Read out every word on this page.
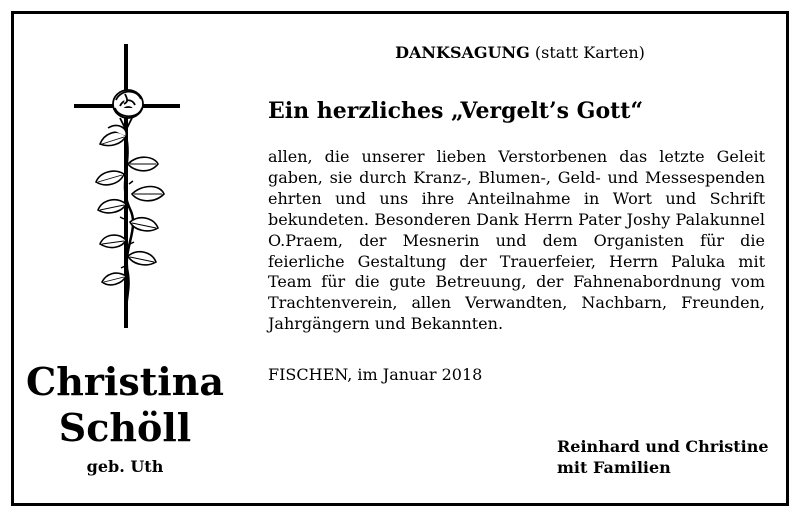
Christina
Schöll
geb. Uth
DANKSAGUNG (statt Karten)
Ein herzliches „Vergelt’s Gott“
allen, die unserer lieben Verstorbenen das letzte Geleit gaben, sie durch Kranz-, Blumen-, Geld- und Messespenden ehrten und uns ihre Anteilnahme in Wort und Schrift bekundeten. Besonderen Dank Herrn Pater Joshy Palakunnel O.Praem, der Mesnerin und dem Organisten für die feierliche Gestaltung der Trauerfeier, Herrn Paluka mit Team für die gute Betreuung, der Fahnenabordnung vom Trachtenverein, allen Verwandten, Nachbarn, Freunden, Jahrgängern und Bekannten.
FISCHEN, im Januar 2018
Reinhard und Christine
mit Familien
